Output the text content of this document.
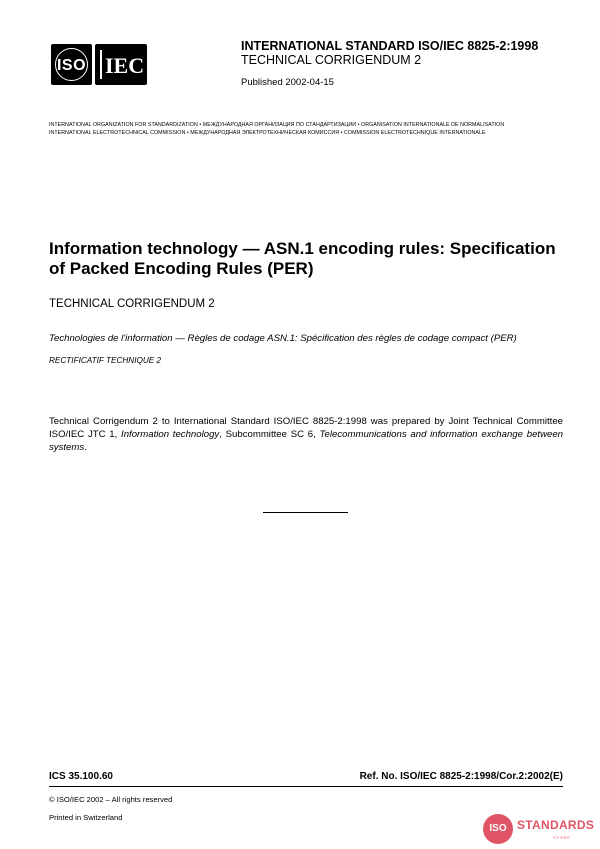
ISO IEC
INTERNATIONAL STANDARD ISO/IEC 8825-2:1998
TECHNICAL CORRIGENDUM 2
Published 2002-04-15
INTERNATIONAL ORGANIZATION FOR STANDARDIZATION • МЕЖДУНАРОДНАЯ ОРГАНИЗАЦИЯ ПО СТАНДАРТИЗАЦИИ • ORGANISATION INTERNATIONALE DE NORMALISATION
INTERNATIONAL ELECTROTECHNICAL COMMISSION • МЕЖДУНАРОДНАЯ ЭЛЕКТРОТЕХНИЧЕСКАЯ КОМИССИЯ • COMMISSION ELECTROTECHNIQUE INTERNATIONALE
Information technology — ASN.1 encoding rules: Specification of Packed Encoding Rules (PER)
TECHNICAL CORRIGENDUM 2
Technologies de l'information — Règles de codage ASN.1: Spécification des règles de codage compact (PER)
RECTIFICATIF TECHNIQUE 2
Technical Corrigendum 2 to International Standard ISO/IEC 8825-2:1998 was prepared by Joint Technical Committee ISO/IEC JTC 1, Information technology, Subcommittee SC 6, Telecommunications and information exchange between systems.
ICS 35.100.60	Ref. No. ISO/IEC 8825-2:1998/Cor.2:2002(E)
© ISO/IEC 2002 – All rights reserved
Printed in Switzerland
ISO STANDARDS
STORE
